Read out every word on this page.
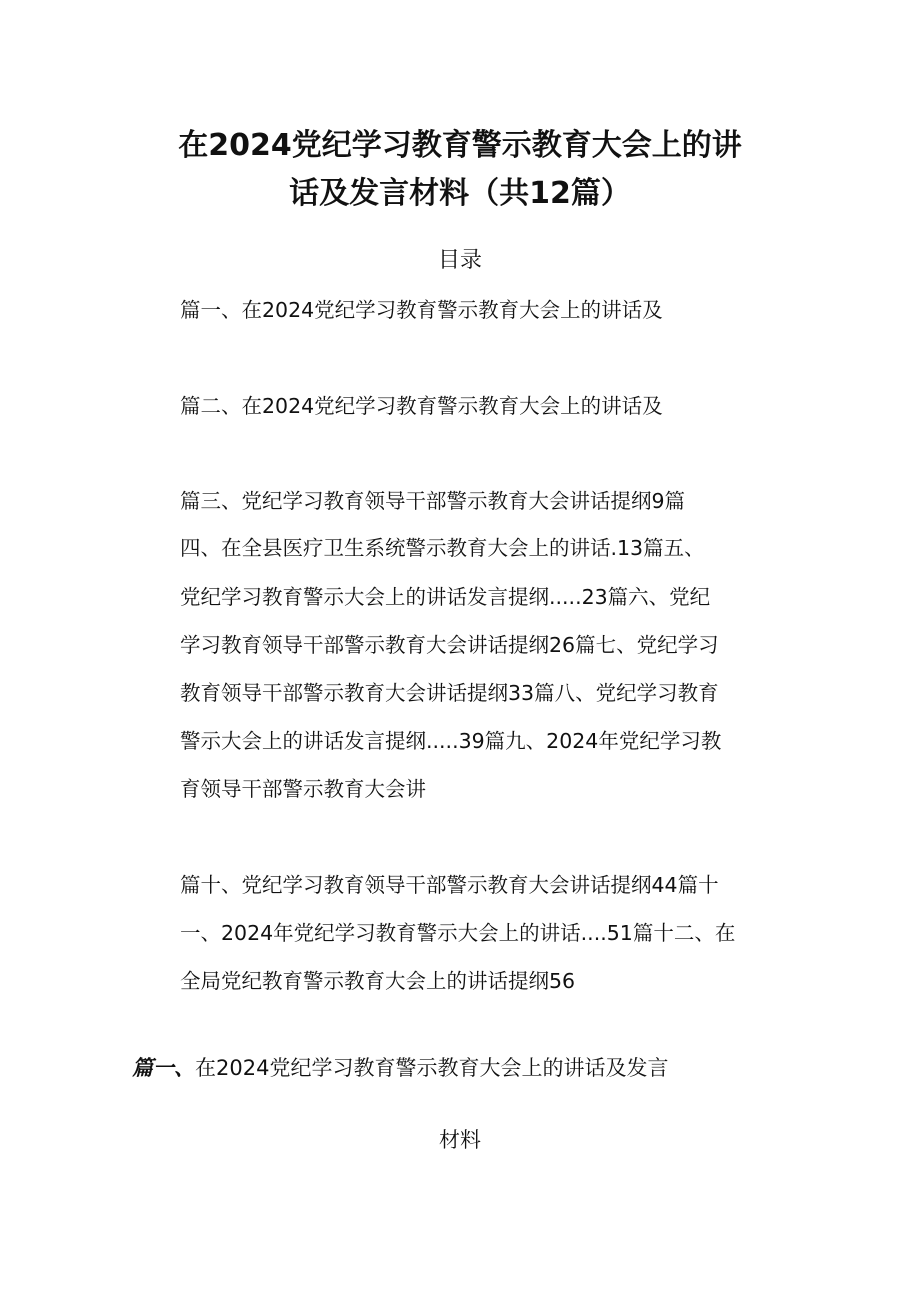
在2024党纪学习教育警示教育大会上的讲
话及发言材料（共12篇）
目录
篇一、在2024党纪学习教育警示教育大会上的讲话及
篇二、在2024党纪学习教育警示教育大会上的讲话及
篇三、党纪学习教育领导干部警示教育大会讲话提纲9篇
四、在全县医疗卫生系统警示教育大会上的讲话.13篇五、
党纪学习教育警示大会上的讲话发言提纲.....23篇六、党纪
学习教育领导干部警示教育大会讲话提纲26篇七、党纪学习
教育领导干部警示教育大会讲话提纲33篇八、党纪学习教育
警示大会上的讲话发言提纲.....39篇九、2024年党纪学习教
育领导干部警示教育大会讲
篇十、党纪学习教育领导干部警示教育大会讲话提纲44篇十
一、2024年党纪学习教育警示大会上的讲话....51篇十二、在
全局党纪教育警示教育大会上的讲话提纲56
篇一、在2024党纪学习教育警示教育大会上的讲话及发言
材料
